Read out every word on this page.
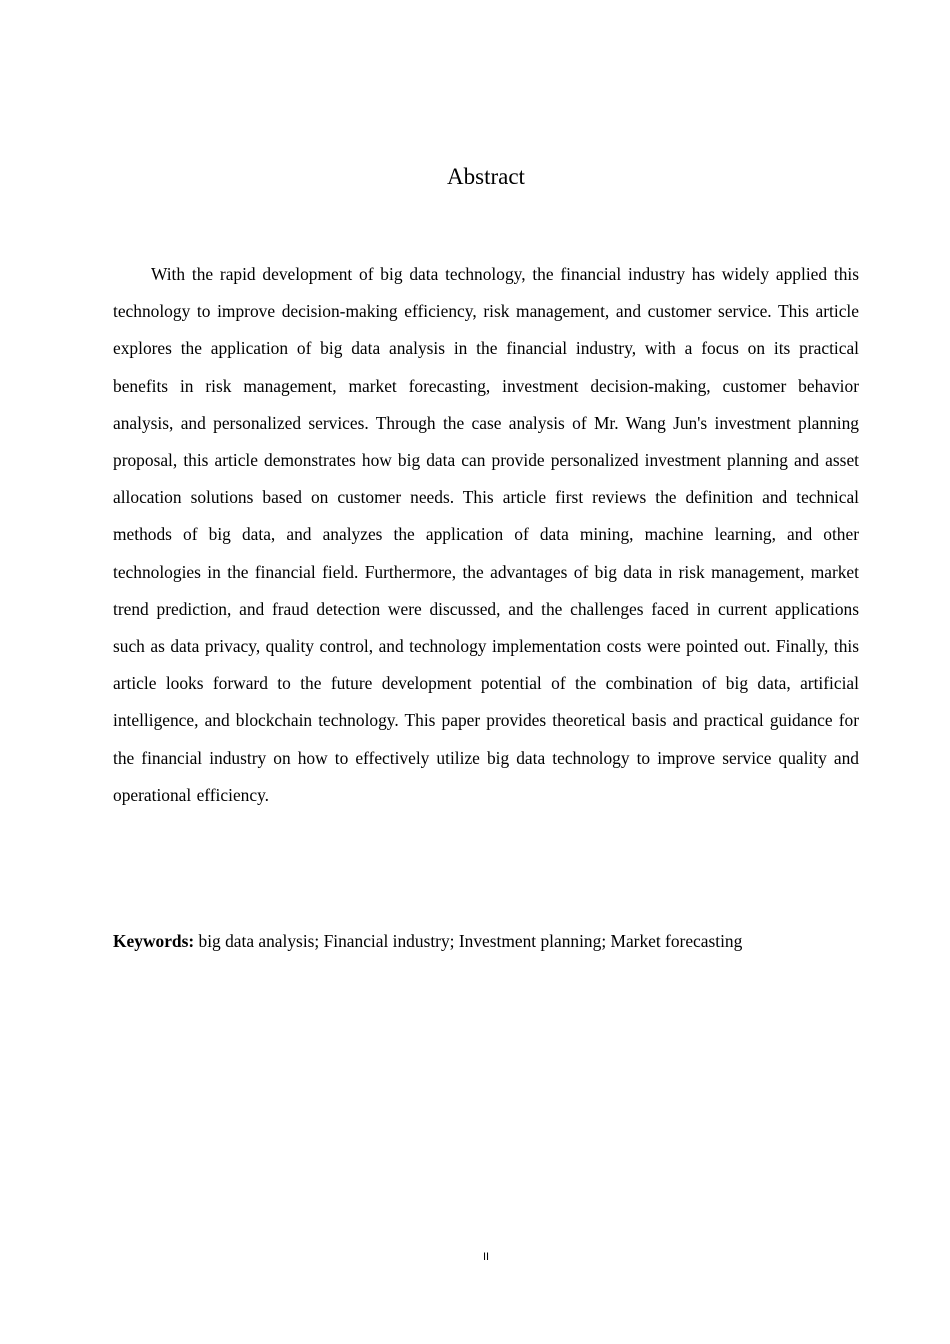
Abstract

With the rapid development of big data technology, the financial industry has widely applied this technology to improve decision-making efficiency, risk management, and customer service. This article explores the application of big data analysis in the financial industry, with a focus on its practical benefits in risk management, market forecasting, investment decision-making, customer behavior analysis, and personalized services. Through the case analysis of Mr. Wang Jun's investment planning proposal, this article demonstrates how big data can provide personalized investment planning and asset allocation solutions based on customer needs. This article first reviews the definition and technical methods of big data, and analyzes the application of data mining, machine learning, and other technologies in the financial field. Furthermore, the advantages of big data in risk management, market trend prediction, and fraud detection were discussed, and the challenges faced in current applications such as data privacy, quality control, and technology implementation costs were pointed out. Finally, this article looks forward to the future development potential of the combination of big data, artificial intelligence, and blockchain technology. This paper provides theoretical basis and practical guidance for the financial industry on how to effectively utilize big data technology to improve service quality and operational efficiency.

Keywords: big data analysis; Financial industry; Investment planning; Market forecasting

II
